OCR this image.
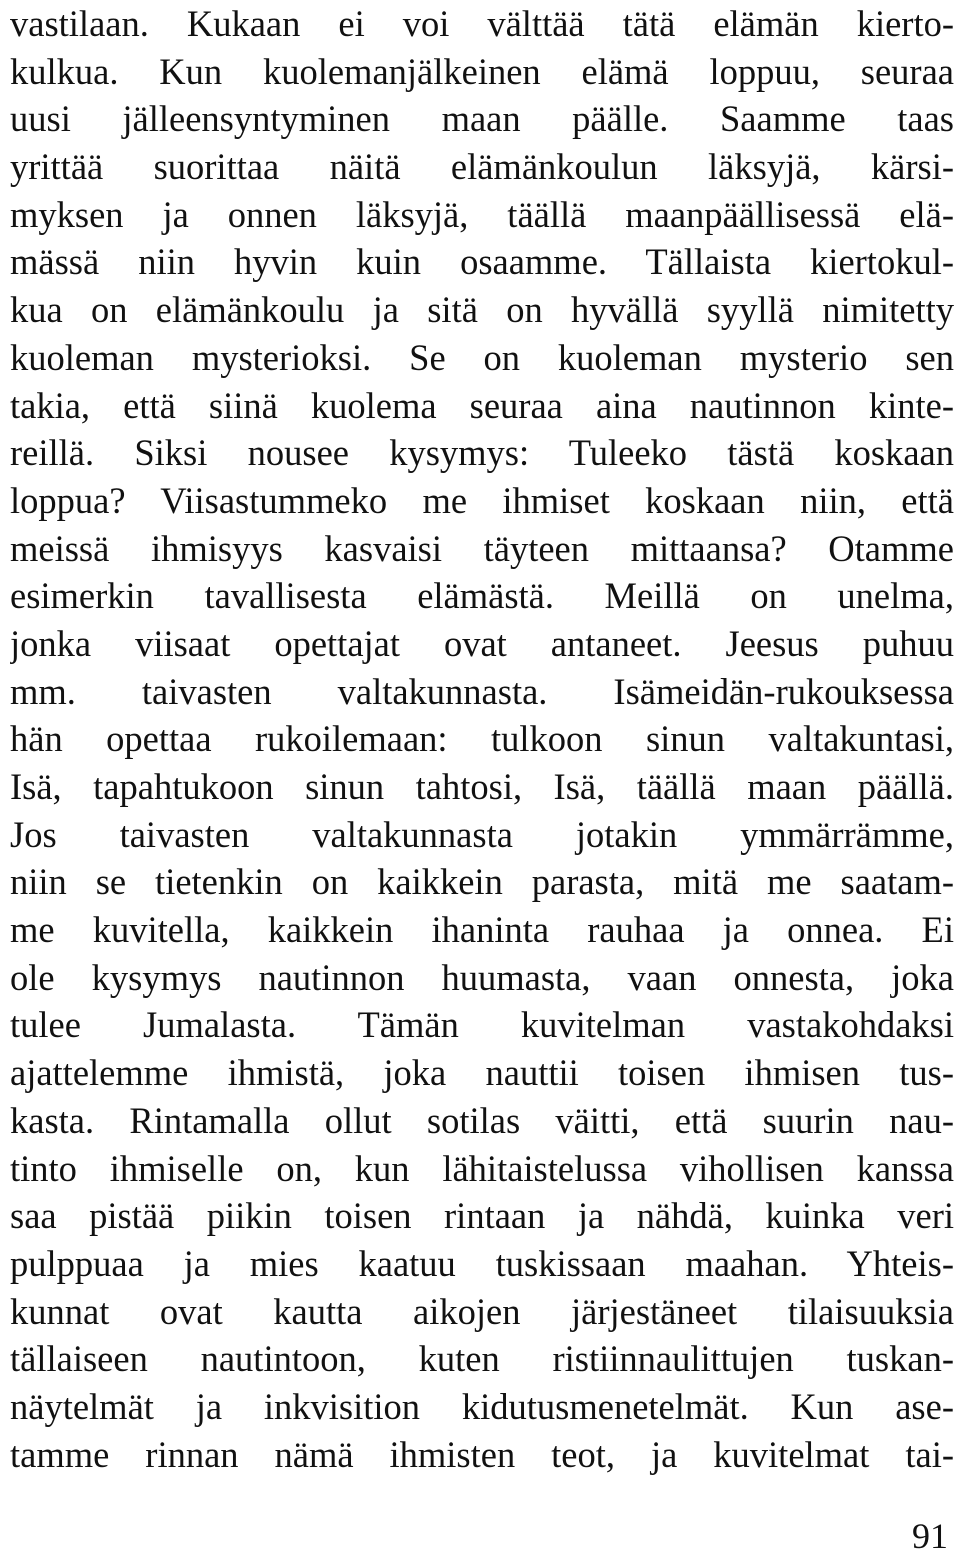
vastilaan. Kukaan ei voi välttää tätä elämän kierto-
kulkua. Kun kuolemanjälkeinen elämä loppuu, seuraa
uusi jälleensyntyminen maan päälle. Saamme taas
yrittää suorittaa näitä elämänkoulun läksyjä, kärsi-
myksen ja onnen läksyjä, täällä maanpäällisessä elä-
mässä niin hyvin kuin osaamme. Tällaista kiertokul-
kua on elämänkoulu ja sitä on hyvällä syyllä nimitetty
kuoleman mysterioksi. Se on kuoleman mysterio sen
takia, että siinä kuolema seuraa aina nautinnon kinte-
reillä. Siksi nousee kysymys: Tuleeko tästä koskaan
loppua? Viisastummeko me ihmiset koskaan niin, että
meissä ihmisyys kasvaisi täyteen mittaansa? Otamme
esimerkin tavallisesta elämästä. Meillä on unelma,
jonka viisaat opettajat ovat antaneet. Jeesus puhuu
mm. taivasten valtakunnasta. Isämeidän-rukouksessa
hän opettaa rukoilemaan: tulkoon sinun valtakuntasi,
Isä, tapahtukoon sinun tahtosi, Isä, täällä maan päällä.
Jos taivasten valtakunnasta jotakin ymmärrämme,
niin se tietenkin on kaikkein parasta, mitä me saatam-
me kuvitella, kaikkein ihaninta rauhaa ja onnea. Ei
ole kysymys nautinnon huumasta, vaan onnesta, joka
tulee Jumalasta. Tämän kuvitelman vastakohdaksi
ajattelemme ihmistä, joka nauttii toisen ihmisen tus-
kasta. Rintamalla ollut sotilas väitti, että suurin nau-
tinto ihmiselle on, kun lähitaistelussa vihollisen kanssa
saa pistää piikin toisen rintaan ja nähdä, kuinka veri
pulppuaa ja mies kaatuu tuskissaan maahan. Yhteis-
kunnat ovat kautta aikojen järjestäneet tilaisuuksia
tällaiseen nautintoon, kuten ristiinnaulittujen tuskan-
näytelmät ja inkvisition kidutusmenetelmät. Kun ase-
tamme rinnan nämä ihmisten teot, ja kuvitelmat tai-
91
